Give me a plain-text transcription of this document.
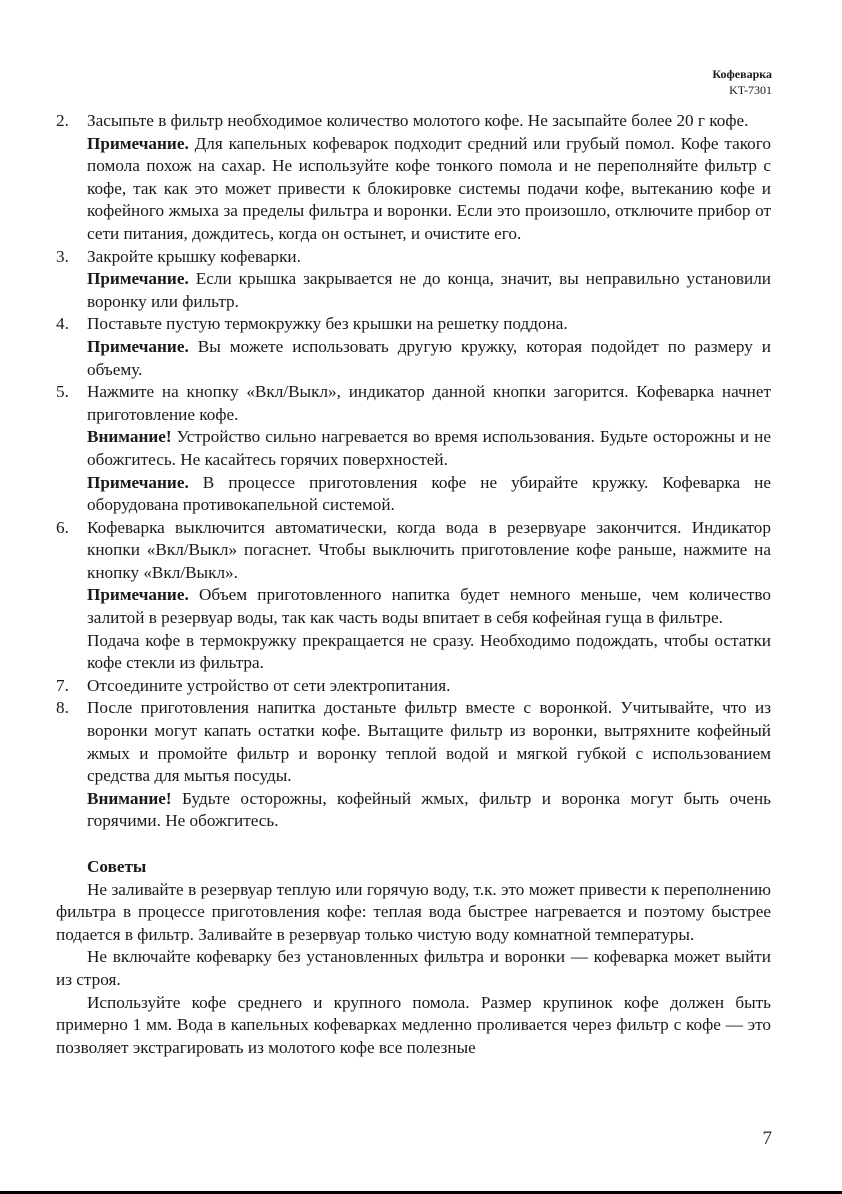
Кофеварка
KT-7301
2. Засыпьте в фильтр необходимое количество молотого кофе. Не засыпайте более 20 г кофе.

Примечание. Для капельных кофеварок подходит средний или грубый помол. Кофе такого помола похож на сахар. Не используйте кофе тонкого помола и не переполняйте фильтр с кофе, так как это может привести к блокировке системы подачи кофе, вытеканию кофе и кофейного жмыха за пределы фильтра и воронки. Если это произошло, отключите прибор от сети питания, дождитесь, когда он остынет, и очистите его.

3. Закройте крышку кофеварки.

Примечание. Если крышка закрывается не до конца, значит, вы неправильно установили воронку или фильтр.

4. Поставьте пустую термокружку без крышки на решетку поддона.

Примечание. Вы можете использовать другую кружку, которая подойдет по размеру и объему.

5. Нажмите на кнопку «Вкл/Выкл», индикатор данной кнопки загорится. Кофеварка начнет приготовление кофе.

Внимание! Устройство сильно нагревается во время использования. Будьте осторожны и не обожгитесь. Не касайтесь горячих поверхностей.

Примечание. В процессе приготовления кофе не убирайте кружку. Кофеварка не оборудована противокапельной системой.

6. Кофеварка выключится автоматически, когда вода в резервуаре закончится. Индикатор кнопки «Вкл/Выкл» погаснет. Чтобы выключить приготовление кофе раньше, нажмите на кнопку «Вкл/Выкл».

Примечание. Объем приготовленного напитка будет немного меньше, чем количество залитой в резервуар воды, так как часть воды впитает в себя кофейная гуща в фильтре.

Подача кофе в термокружку прекращается не сразу. Необходимо подождать, чтобы остатки кофе стекли из фильтра.

7. Отсоедините устройство от сети электропитания.

8. После приготовления напитка достаньте фильтр вместе с воронкой. Учитывайте, что из воронки могут капать остатки кофе. Вытащите фильтр из воронки, вытряхните кофейный жмых и промойте фильтр и воронку теплой водой и мягкой губкой с использованием средства для мытья посуды.

Внимание! Будьте осторожны, кофейный жмых, фильтр и воронка могут быть очень горячими. Не обожгитесь.

Советы

Не заливайте в резервуар теплую или горячую воду, т.к. это может привести к переполнению фильтра в процессе приготовления кофе: теплая вода быстрее нагревается и поэтому быстрее подается в фильтр. Заливайте в резервуар только чистую воду комнатной температуры.

Не включайте кофеварку без установленных фильтра и воронки — кофеварка может выйти из строя.

Используйте кофе среднего и крупного помола. Размер крупинок кофе должен быть примерно 1 мм. Вода в капельных кофеварках медленно проливается через фильтр с кофе — это позволяет экстрагировать из молотого кофе все полезные

7
